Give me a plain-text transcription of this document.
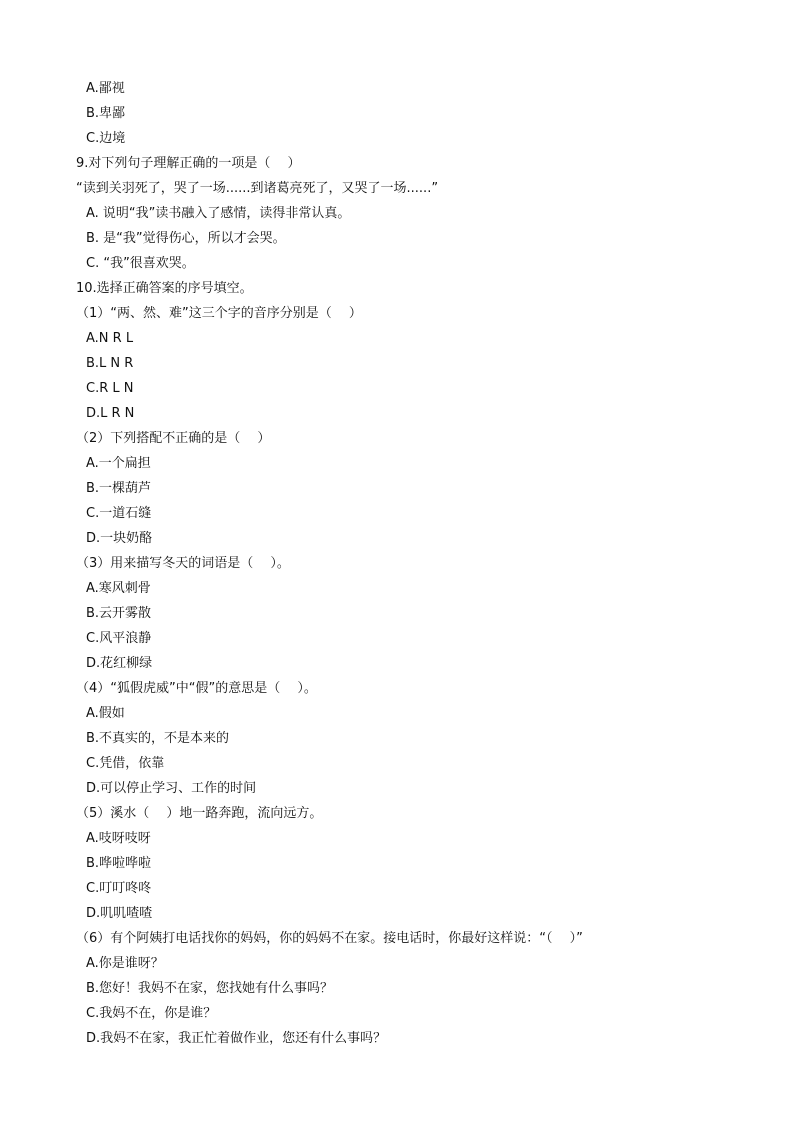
A.鄙视
B.卑鄙
C.边境
9.对下列句子理解正确的一项是（　 ）
“读到关羽死了，哭了一场......到诸葛亮死了，又哭了一场......”
A. 说明“我”读书融入了感情，读得非常认真。
B. 是“我”觉得伤心，所以才会哭。
C. “我”很喜欢哭。
10.选择正确答案的序号填空。
（1）“两、然、难”这三个字的音序分别是（　 ）
A.N R L
B.L N R
C.R L N
D.L R N
（2）下列搭配不正确的是（　 ）
A.一个扁担
B.一棵葫芦
C.一道石缝
D.一块奶酪
（3）用来描写冬天的词语是（　 ）。
A.寒风刺骨
B.云开雾散
C.风平浪静
D.花红柳绿
（4）“狐假虎威”中“假”的意思是（　 ）。
A.假如
B.不真实的，不是本来的
C.凭借，依靠
D.可以停止学习、工作的时间
（5）溪水（　 ）地一路奔跑，流向远方。
A.吱呀吱呀
B.哗啦哗啦
C.叮叮咚咚
D.叽叽喳喳
（6）有个阿姨打电话找你的妈妈，你的妈妈不在家。接电话时，你最好这样说：“（　 ）”
A.你是谁呀？
B.您好！我妈不在家，您找她有什么事吗？
C.我妈不在，你是谁？
D.我妈不在家，我正忙着做作业，您还有什么事吗？
